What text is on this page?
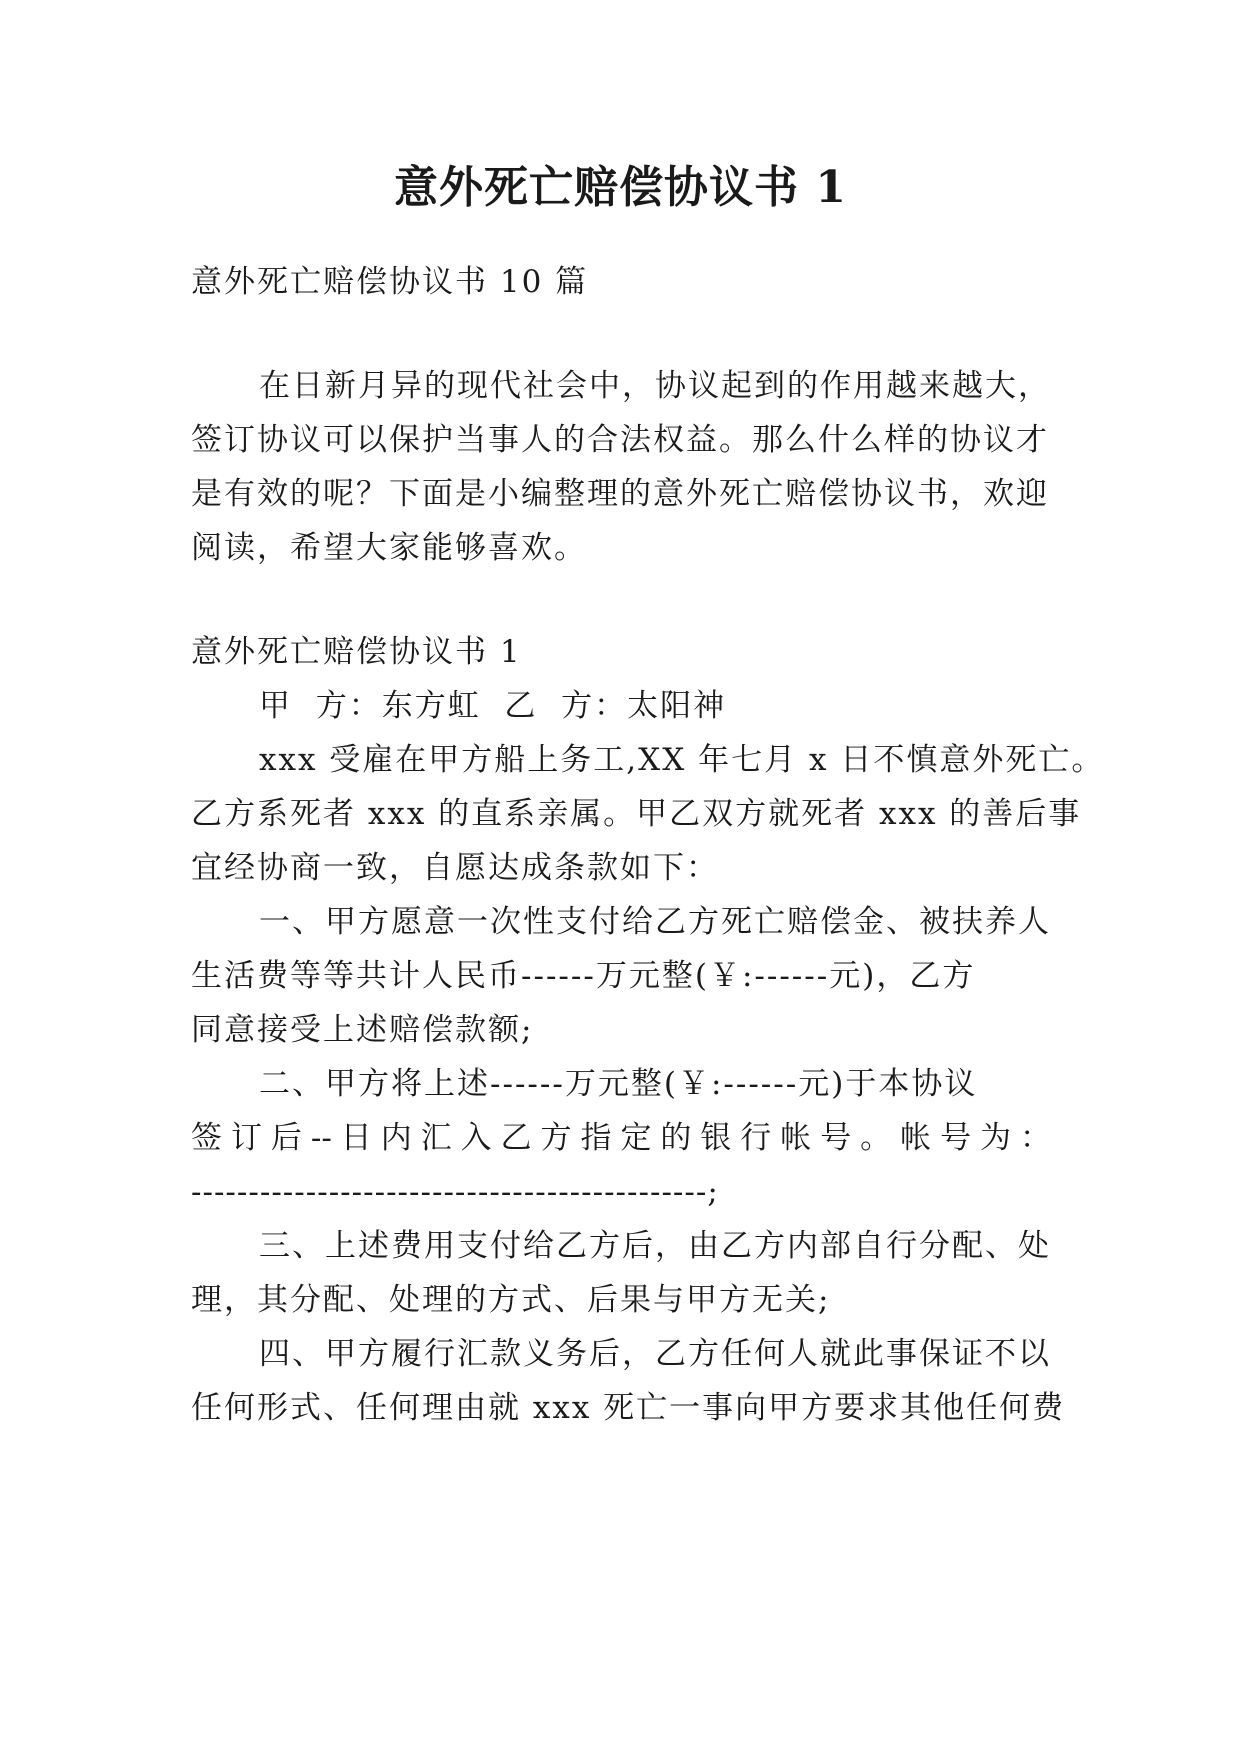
意外死亡赔偿协议书 1
意外死亡赔偿协议书 10 篇
在日新月异的现代社会中，协议起到的作用越来越大，
签订协议可以保护当事人的合法权益。那么什么样的协议才
是有效的呢？下面是小编整理的意外死亡赔偿协议书，欢迎
阅读，希望大家能够喜欢。
意外死亡赔偿协议书 1
甲  方：东方虹  乙  方：太阳神
xxx 受雇在甲方船上务工,XX 年七月 x 日不慎意外死亡。
乙方系死者 xxx 的直系亲属。甲乙双方就死者 xxx 的善后事
宜经协商一致，自愿达成条款如下：
一、甲方愿意一次性支付给乙方死亡赔偿金、被扶养人
生活费等等共计人民币------万元整(￥:------元)，乙方
同意接受上述赔偿款额;
二、甲方将上述------万元整(￥:------元)于本协议
签订后--日内汇入乙方指定的银行帐号。帐号为：
---------------------------------------------;
三、上述费用支付给乙方后，由乙方内部自行分配、处
理，其分配、处理的方式、后果与甲方无关;
四、甲方履行汇款义务后，乙方任何人就此事保证不以
任何形式、任何理由就 xxx 死亡一事向甲方要求其他任何费
